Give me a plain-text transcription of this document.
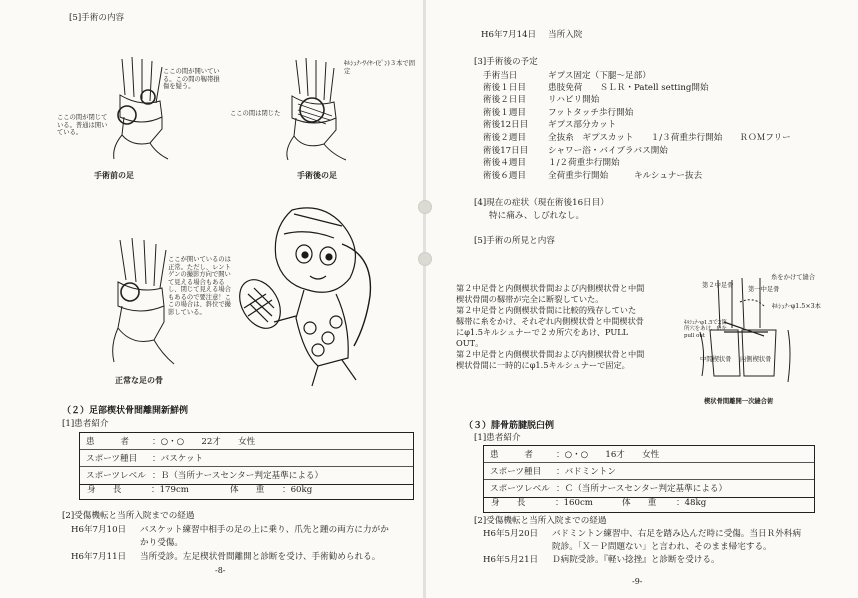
[5]手術の内容
ここの間が開いている。この間の靱帯損傷を疑う。
ここの間が閉じている。普通は開いている。
手術前の足
ｷﾙｼｭﾅｰﾜｲﾔｰ(ﾋﾟﾝ)３本で固定
ここの間は閉じた
手術後の足
ここが開いているのは正常。ただし、レントゲンの撮影方向で開いて見える場合もあるし、閉じて見える場合もあるので要注意！ここの場合は、斜位で撮影している。
正常な足の骨
（２）足部楔状骨間離開新鮮例
[1]患者紹介
患　　　者	：○・○　　22才　　女性
スポーツ種目 ：バスケット
スポーツレベル ：Ｂ（当所ナースセンター判定基準による）
身　　長	：179cm	体　　重 ：60kg
[2]受傷機転と当所入院までの経過
H6年7月10日 バスケット練習中相手の足の上に乗り、爪先と踵の両方に力がか
かり受傷。
H6年7月11日 当所受診。左足楔状骨間離開と診断を受け、手術勧められる。
-8-
H6年7月14日 当所入院
[3]手術後の予定
手術当日	ギプス固定（下腿～足部）
術後１日目	患肢免荷　　ＳＬＲ・Patell setting開始
術後２日目	リハビリ開始
術後１週目	フットタッチ歩行開始
術後12日目 ギプス部分カット
術後２週目	全抜糸　ギプスカット　　１/３荷重歩行開始　　ＲＯＭフリー
術後17日目 シャワー浴・バイブラバス開始
術後４週目	１/２荷重歩行開始
術後６週目	全荷重歩行開始　　　キルシュナー抜去
[4]現在の症状（現在術後16日目）
特に痛み、しびれなし。
[5]手術の所見と内容
第２中足骨と内側楔状骨間および内側楔状骨と中間
楔状骨間の靱帯が完全に断裂していた。
第２中足骨と内側楔状骨間に比較的残存していた
靱帯に糸をかけ、それぞれ内側楔状骨と中間楔状骨
にφ1.5キルシュナーで２カ所穴をあけ、PULL
OUT。
第２中足骨と内側楔状骨間および内側楔状骨と中間
楔状骨間に一時的にφ1.5キルシュナーで固定。
糸をかけて縫合
第２中足骨
第一中足骨
ｷﾙｼｭﾅｰφ1.5×3本
ｷﾙｼｭﾅｰφ1.5で2箇所穴をあけ、糸を pull out
中間楔状骨	内側楔状骨
楔状骨間離開一次縫合術
（３）腓骨筋腱脱臼例
[1]患者紹介
患　　　者	：○・○　　16才　　女性
スポーツ種目 ：バドミントン
スポーツレベル ：Ｃ（当所ナースセンター判定基準による）
身　　長	：160cm	体　　重 ：48kg
[2]受傷機転と当所入院までの経過
H6年5月20日 バドミントン練習中、右足を踏み込んだ時に受傷。当日Ｒ外科病
院診。「Ｘ－Ｐ問題ない」と言われ、そのまま帰宅する。
H6年5月21日 Ｄ病院受診。『軽い捻挫』と診断を受ける。
-9-
